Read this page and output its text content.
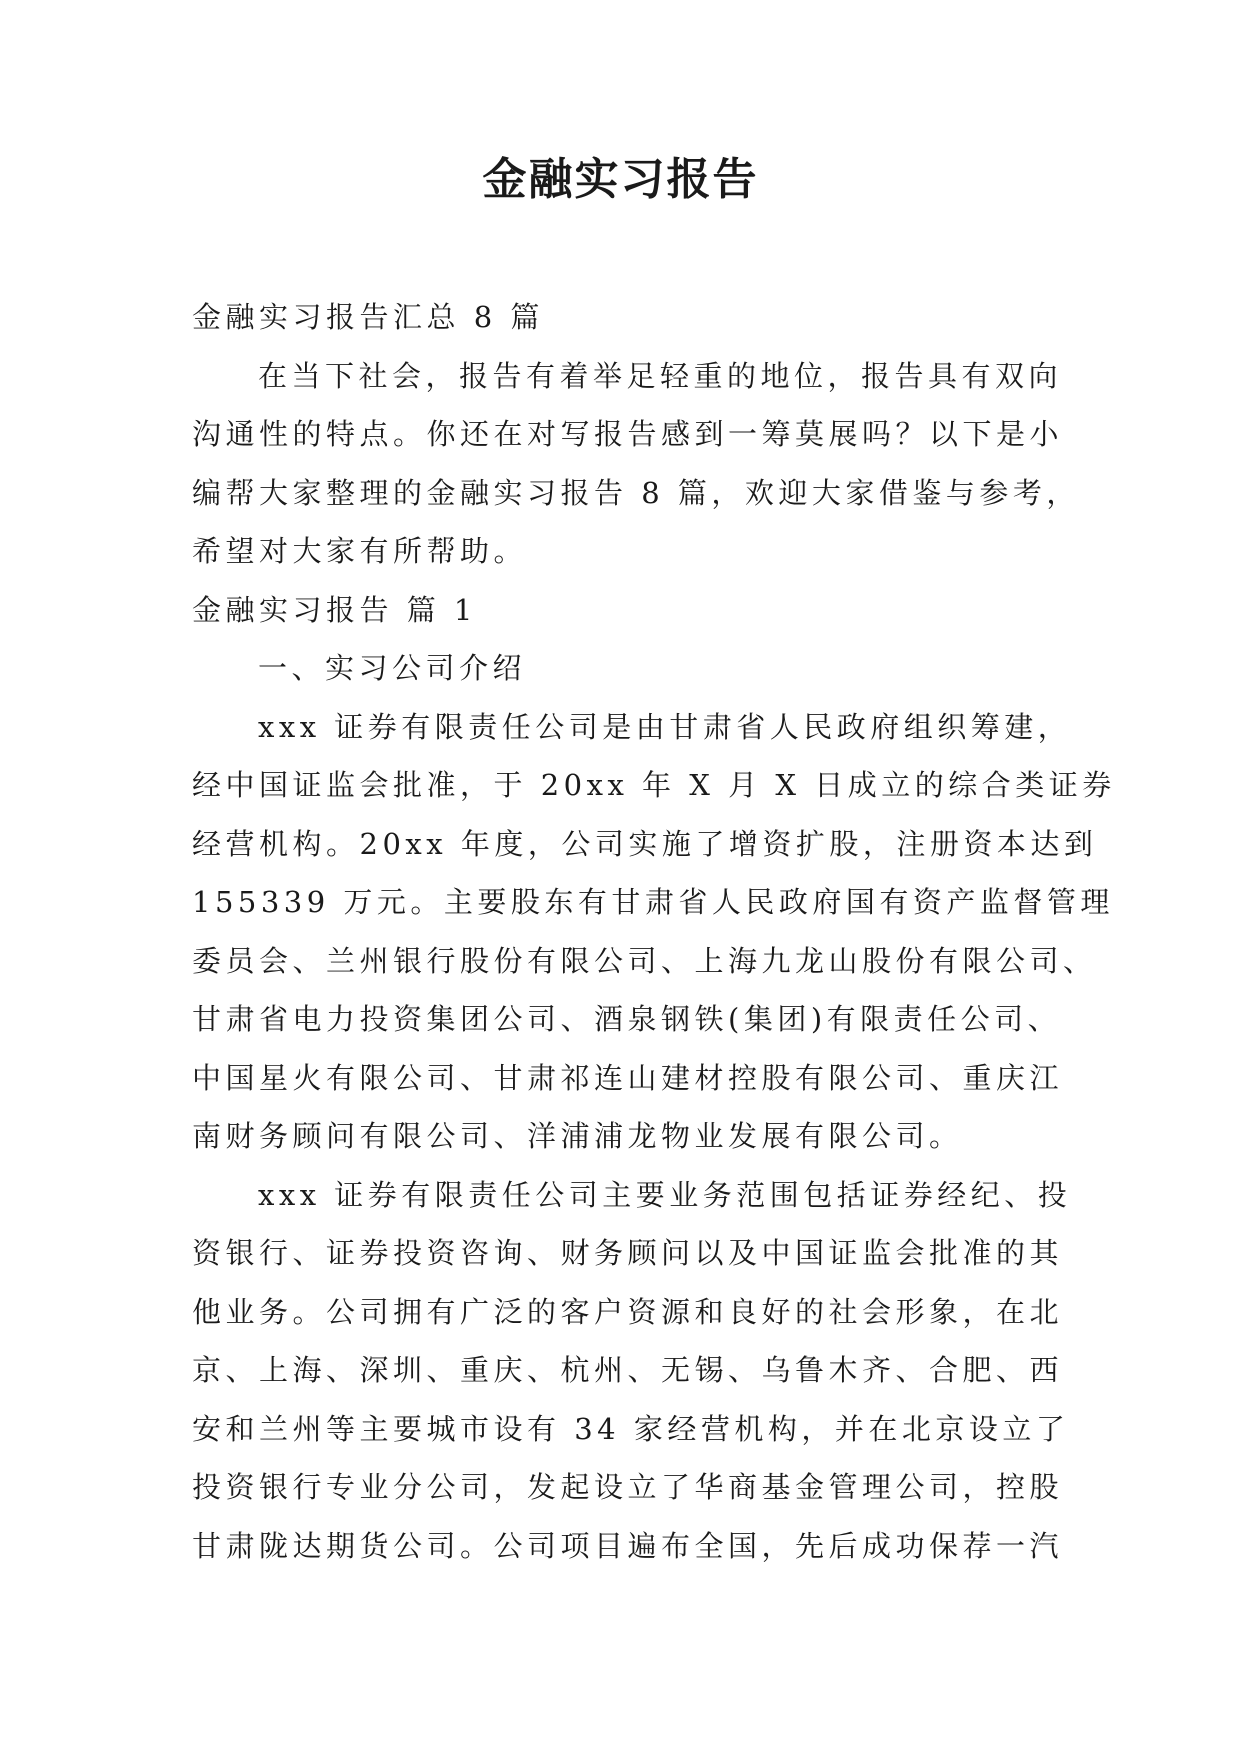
金融实习报告
金融实习报告汇总 8 篇
在当下社会，报告有着举足轻重的地位，报告具有双向
沟通性的特点。你还在对写报告感到一筹莫展吗？以下是小
编帮大家整理的金融实习报告 8 篇，欢迎大家借鉴与参考，
希望对大家有所帮助。
金融实习报告 篇 1
一、实习公司介绍
xxx 证券有限责任公司是由甘肃省人民政府组织筹建，
经中国证监会批准，于 20xx 年 X 月 X 日成立的综合类证券
经营机构。20xx 年度，公司实施了增资扩股，注册资本达到
155339 万元。主要股东有甘肃省人民政府国有资产监督管理
委员会、兰州银行股份有限公司、上海九龙山股份有限公司、
甘肃省电力投资集团公司、酒泉钢铁(集团)有限责任公司、
中国星火有限公司、甘肃祁连山建材控股有限公司、重庆江
南财务顾问有限公司、洋浦浦龙物业发展有限公司。
xxx 证券有限责任公司主要业务范围包括证券经纪、投
资银行、证券投资咨询、财务顾问以及中国证监会批准的其
他业务。公司拥有广泛的客户资源和良好的社会形象，在北
京、上海、深圳、重庆、杭州、无锡、乌鲁木齐、合肥、西
安和兰州等主要城市设有 34 家经营机构，并在北京设立了
投资银行专业分公司，发起设立了华商基金管理公司，控股
甘肃陇达期货公司。公司项目遍布全国，先后成功保荐一汽
